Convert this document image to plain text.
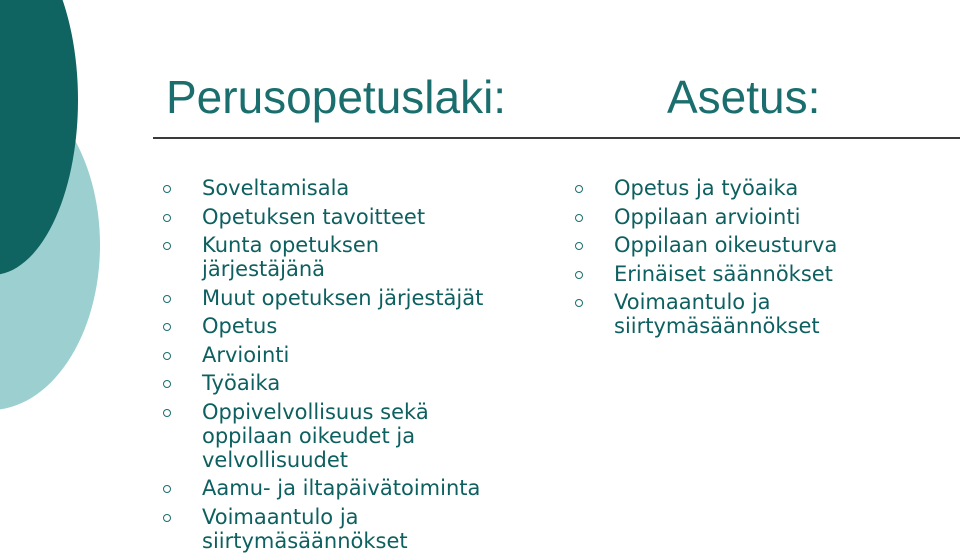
Perusopetuslaki:	Asetus:
Soveltamisala
Opetuksen tavoitteet
Kunta opetuksen järjestäjänä
Muut opetuksen järjestäjät
Opetus
Arviointi
Työaika
Oppivelvollisuus sekä oppilaan oikeudet ja velvollisuudet
Aamu- ja iltapäivätoiminta
Voimaantulo ja siirtymäsäännökset
Opetus ja työaika
Oppilaan arviointi
Oppilaan oikeusturva
Erinäiset säännökset
Voimaantulo ja siirtymäsäännökset
